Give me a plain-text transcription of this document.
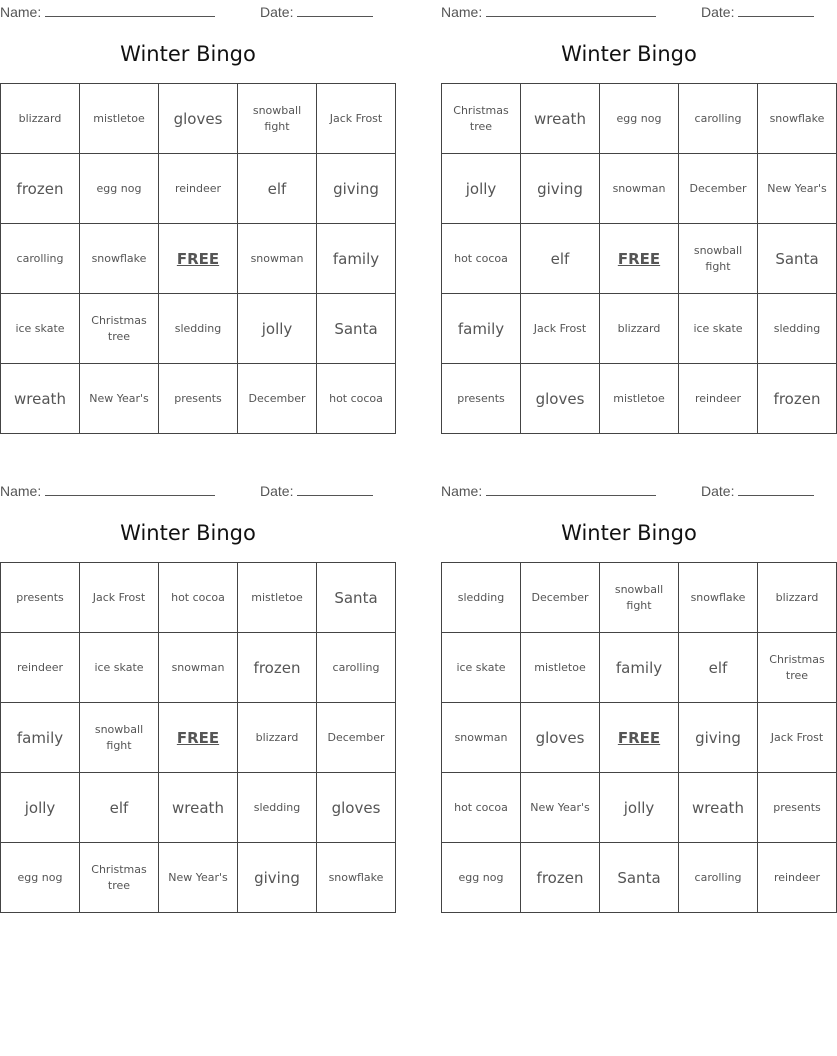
Name:	Date:
Winter Bingo
blizzard	mistletoe	gloves	snowball fight	Jack Frost
frozen	egg nog	reindeer	elf	giving
carolling	snowflake	FREE	snowman	family
ice skate	Christmas tree	sledding	jolly	Santa
wreath	New Year's	presents	December	hot cocoa
Name:	Date:
Winter Bingo
Christmas tree	wreath	egg nog	carolling	snowflake
jolly	giving	snowman	December	New Year's
hot cocoa	elf	FREE	snowball fight	Santa
family	Jack Frost	blizzard	ice skate	sledding
presents	gloves	mistletoe	reindeer	frozen
Name:	Date:
Winter Bingo
presents	Jack Frost	hot cocoa	mistletoe	Santa
reindeer	ice skate	snowman	frozen	carolling
family	snowball fight	FREE	blizzard	December
jolly	elf	wreath	sledding	gloves
egg nog	Christmas tree	New Year's	giving	snowflake
Name:	Date:
Winter Bingo
sledding	December	snowball fight	snowflake	blizzard
ice skate	mistletoe	family	elf	Christmas tree
snowman	gloves	FREE	giving	Jack Frost
hot cocoa	New Year's	jolly	wreath	presents
egg nog	frozen	Santa	carolling	reindeer
